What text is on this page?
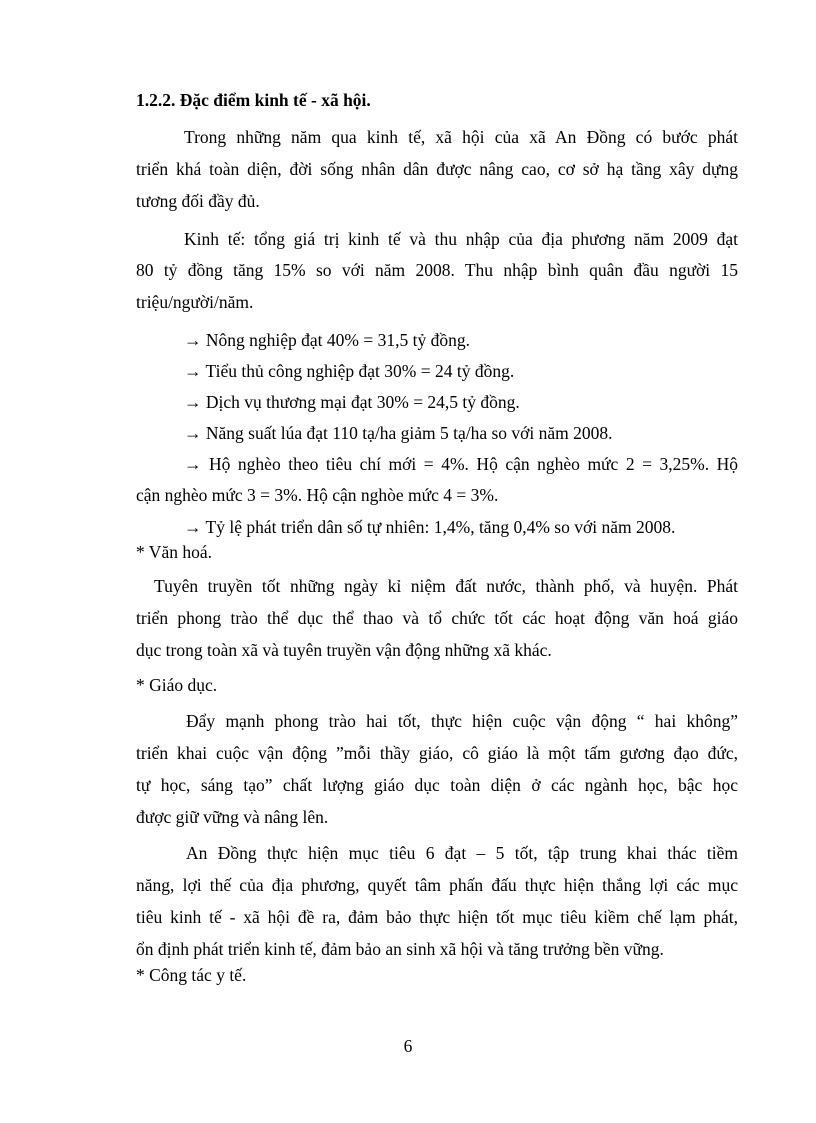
1.2.2. Đặc điểm kinh tế - xã hội.
Trong những năm qua kinh tế, xã hội của xã An Đồng có bước phát
triển khá toàn diện, đời sống nhân dân được nâng cao, cơ sở hạ tầng xây dựng
tương đối đầy đủ.
Kinh tế: tổng giá trị kinh tế và thu nhập của địa phương năm 2009 đạt
80 tỷ đồng tăng 15% so với năm 2008. Thu nhập bình quân đầu người 15
triệu/người/năm.
→ Nông nghiệp đạt 40% = 31,5 tỷ đồng.
→ Tiểu thủ công nghiệp đạt 30% = 24 tỷ đồng.
→ Dịch vụ thương mại đạt 30% = 24,5 tỷ đồng.
→ Năng suất lúa đạt 110 tạ/ha giảm 5 tạ/ha so với năm 2008.
→ Hộ nghèo theo tiêu chí mới = 4%. Hộ cận nghèo mức 2 = 3,25%. Hộ
cận nghèo mức 3 = 3%. Hộ cận nghòe mức 4 = 3%.
→ Tỷ lệ phát triển dân số tự nhiên: 1,4%, tăng 0,4% so với năm 2008.
* Văn hoá.
Tuyên truyền tốt những ngày kỉ niệm đất nước, thành phố, và huyện. Phát
triển phong trào thể dục thể thao và tổ chức tốt các hoạt động văn hoá giáo
dục trong toàn xã và tuyên truyền vận động những xã khác.
* Giáo dục.
Đẩy mạnh phong trào hai tốt, thực hiện cuộc vận động “ hai không”
triển khai cuộc vận động ”mỗi thầy giáo, cô giáo là một tấm gương đạo đức,
tự học, sáng tạo” chất lượng giáo dục toàn diện ở các ngành học, bậc học
được giữ vững và nâng lên.
An Đồng thực hiện mục tiêu 6 đạt – 5 tốt, tập trung khai thác tiềm
năng, lợi thế của địa phương, quyết tâm phấn đấu thực hiện thắng lợi các mục
tiêu kinh tế - xã hội đề ra, đảm bảo thực hiện tốt mục tiêu kiềm chế lạm phát,
ổn định phát triển kinh tế, đảm bảo an sinh xã hội và tăng trưởng bền vững.
* Công tác y tế.
6
